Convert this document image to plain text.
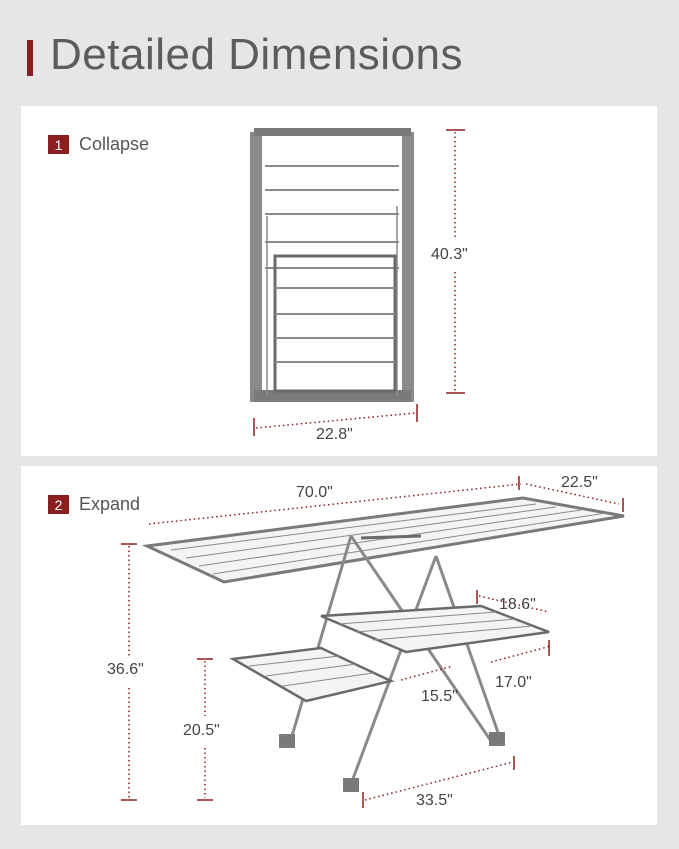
Detailed Dimensions
1 Collapse
40.3"
22.8"
2 Expand
70.0"
22.5"
36.6"
20.5"
18.6"
15.5"
17.0"
33.5"
